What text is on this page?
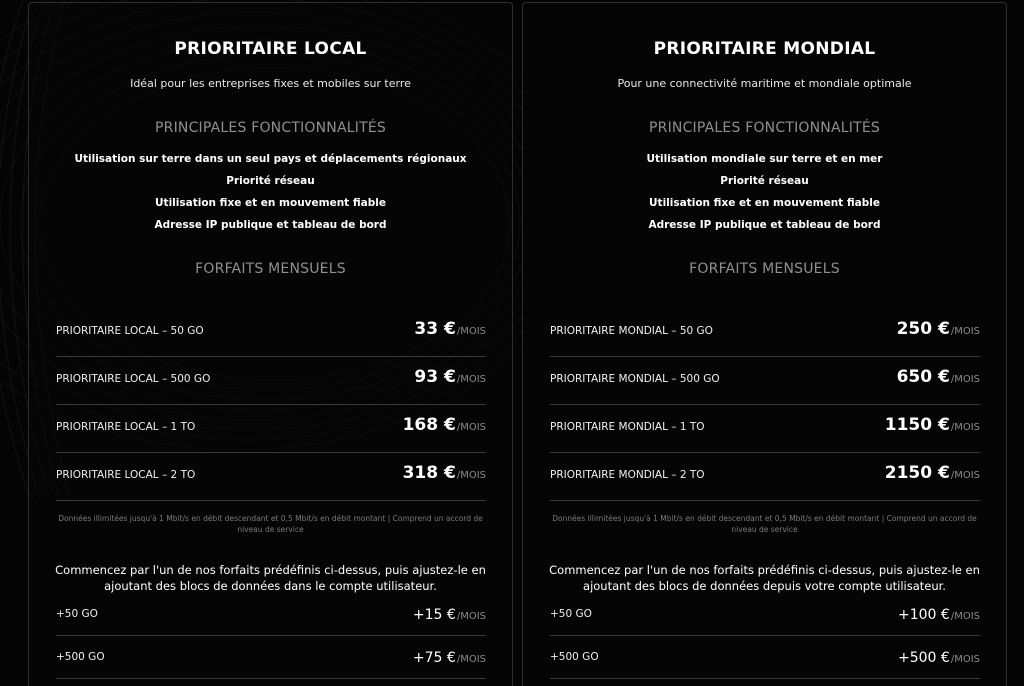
PRIORITAIRE LOCAL
Idéal pour les entreprises fixes et mobiles sur terre
PRINCIPALES FONCTIONNALITÉS
Utilisation sur terre dans un seul pays et déplacements régionaux
Priorité réseau
Utilisation fixe et en mouvement fiable
Adresse IP publique et tableau de bord
FORFAITS MENSUELS
PRIORITAIRE LOCAL – 50 GO	33 €/MOIS
PRIORITAIRE LOCAL – 500 GO	93 €/MOIS
PRIORITAIRE LOCAL – 1 TO	168 €/MOIS
PRIORITAIRE LOCAL – 2 TO	318 €/MOIS
Données illimitées jusqu'à 1 Mbit/s en débit descendant et 0,5 Mbit/s en débit montant | Comprend un accord de niveau de service
Commencez par l'un de nos forfaits prédéfinis ci-dessus, puis ajustez-le en ajoutant des blocs de données dans le compte utilisateur.
+50 GO	+15 €/MOIS
+500 GO	+75 €/MOIS
PRIORITAIRE MONDIAL
Pour une connectivité maritime et mondiale optimale
PRINCIPALES FONCTIONNALITÉS
Utilisation mondiale sur terre et en mer
Priorité réseau
Utilisation fixe et en mouvement fiable
Adresse IP publique et tableau de bord
FORFAITS MENSUELS
PRIORITAIRE MONDIAL – 50 GO	250 €/MOIS
PRIORITAIRE MONDIAL – 500 GO	650 €/MOIS
PRIORITAIRE MONDIAL – 1 TO	1150 €/MOIS
PRIORITAIRE MONDIAL – 2 TO	2150 €/MOIS
Données illimitées jusqu'à 1 Mbit/s en débit descendant et 0,5 Mbit/s en débit montant | Comprend un accord de niveau de service
Commencez par l'un de nos forfaits prédéfinis ci-dessus, puis ajustez-le en ajoutant des blocs de données depuis votre compte utilisateur.
+50 GO	+100 €/MOIS
+500 GO	+500 €/MOIS
